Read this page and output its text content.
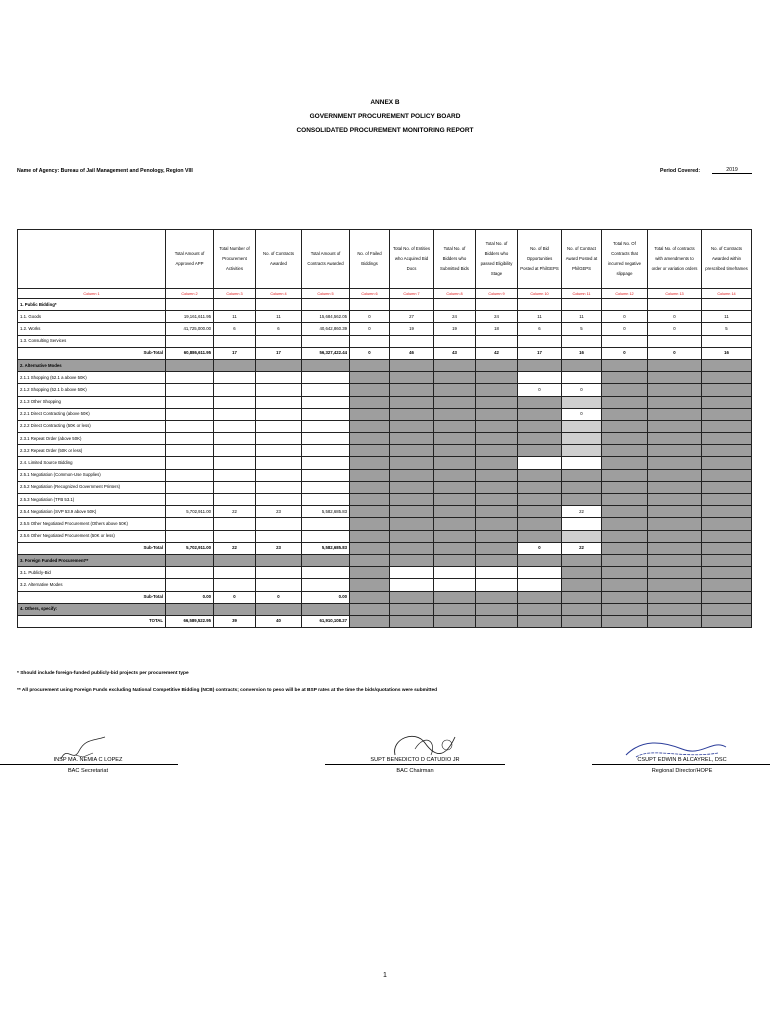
ANNEX B
GOVERNMENT PROCUREMENT POLICY BOARD
CONSOLIDATED PROCUREMENT MONITORING REPORT
Name of Agency: Bureau of Jail Management and Penology, Region VIII	Period Covered:	2019
	Total Amount of Approved APP	Total Number of Procurement Activities	No. of Contracts Awarded	Total Amount of Contracts Awarded	No. of Failed Biddings	Total No. of Entities who Acquired Bid Docs	Total No. of Bidders who Submitted Bids	Total No. of Bidders who passed Eligibility Stage	No. of Bid Opportunities Posted at PhilGEPS	No. of Contract Award Posted at PhilGEPS	Total No. Of Contracts that incurred negative slippage	Total No. of contracts with amendments to order or variation orders	No. of Contracts Awarded within prescribed timeframes
Column 1	Column 2	Column 3	Column 4	Column 5	Column 6	Column 7	Column 8	Column 9	Column 10	Column 11	Column 12	Column 13	Column 14
1. Public Bidding*													
1.1. Goods	19,161,611.95	11	11	15,684,562.05	0	27	24	24	11	11	0	0	11
1.2. Works	41,725,000.00	6	6	40,642,860.39	0	19	19	18	6	5	0	0	5
1.3. Consulting Services													
Sub-Total	60,886,611.95	17	17	56,327,422.44	0	46	43	42	17	16	0	0	16
2. Alternative Modes													
2.1.1 Shopping (52.1 a above 50K)													
2.1.2 Shopping (52.1 b above 50K)									0	0			
2.1.3 Other Shopping													
2.2.1 Direct Contracting (above 50K)										0			
2.2.2 Direct Contracting (50K or less)													
2.3.1 Repeat Order (above 50K)													
2.3.2 Repeat Order (50K or less)													
2.4. Limited Source Bidding													
2.5.1 Negotiation (Common-Use Supplies)													
2.5.2 Negotiation (Recognized Government Printers)													
2.5.3 Negotiation (TFB 53.1)													
2.5.4 Negotiation (SVP 53.9 above 50K)	5,702,911.00	22	23	5,582,685.83						22			
2.5.5 Other Negotiated Procurement (Others above 50K)													
2.5.6 Other Negotiated Procurement (50K or less)													
Sub-Total	5,702,911.00	22	23	5,582,685.83					0	22			
3. Foreign Funded Procurement**													
3.1. Publicly-Bid													
3.2. Alternative Modes													
Sub-Total	0.00	0	0	0.00									
4. Others, specify:													
TOTAL	66,589,522.95	39	40	61,910,108.27									
* Should include foreign-funded publicly-bid projects per procurement type
** All procurement using Foreign Funds excluding National Competitive Bidding (NCB) contracts; conversion to peso will be at BSP rates at the time the bids/quotations were submitted
INSP MA. NEMIA C LOPEZ
BAC Secretariat
SUPT BENEDICTO D CATUDIO JR
BAC Chairman
CSUPT EDWIN B ALCAYREL, DSC
Regional Director/HOPE
1
